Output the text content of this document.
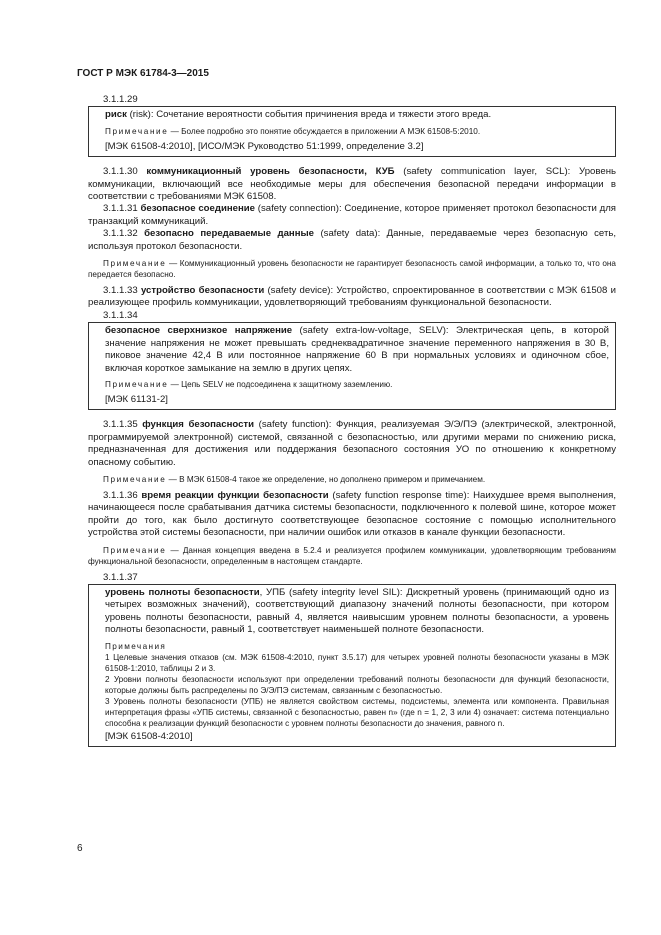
ГОСТ Р МЭК 61784-3—2015
3.1.1.29

риск (risk): Сочетание вероятности события причинения вреда и тяжести этого вреда.

Примечание — Более подробно это понятие обсуждается в приложении А МЭК 61508-5:2010.

[МЭК 61508-4:2010], [ИСО/МЭК Руководство 51:1999, определение 3.2]

3.1.1.30 коммуникационный уровень безопасности, КУБ (safety communication layer, SCL): Уровень коммуникации, включающий все необходимые меры для обеспечения безопасной передачи информации в соответствии с требованиями МЭК 61508.

3.1.1.31 безопасное соединение (safety connection): Соединение, которое применяет протокол безопасности для транзакций коммуникаций.

3.1.1.32 безопасно передаваемые данные (safety data): Данные, передаваемые через безопасную сеть, используя протокол безопасности.

Примечание — Коммуникационный уровень безопасности не гарантирует безопасность самой информации, а только то, что она передается безопасно.

3.1.1.33 устройство безопасности (safety device): Устройство, спроектированное в соответствии с МЭК 61508 и реализующее профиль коммуникации, удовлетворяющий требованиям функциональной безопасности.

3.1.1.34

безопасное сверхнизкое напряжение (safety extra-low-voltage, SELV): Электрическая цепь, в которой значение напряжения не может превышать среднеквадратичное значение переменного напряжения в 30 В, пиковое значение 42,4 В или постоянное напряжение 60 В при нормальных условиях и одиночном сбое, включая короткое замыкание на землю в других цепях.

Примечание — Цепь SELV не подсоединена к защитному заземлению.

[МЭК 61131-2]

3.1.1.35 функция безопасности (safety function): Функция, реализуемая Э/Э/ПЭ (электрической, электронной, программируемой электронной) системой, связанной с безопасностью, или другими мерами по снижению риска, предназначенная для достижения или поддержания безопасного состояния УО по отношению к конкретному опасному событию.

Примечание — В МЭК 61508-4 такое же определение, но дополнено примером и примечанием.

3.1.1.36 время реакции функции безопасности (safety function response time): Наихудшее время выполнения, начинающееся после срабатывания датчика системы безопасности, подключенного к полевой шине, которое может пройти до того, как было достигнуто соответствующее безопасное состояние с помощью исполнительного устройства этой системы безопасности, при наличии ошибок или отказов в канале функции безопасности.

Примечание — Данная концепция введена в 5.2.4 и реализуется профилем коммуникации, удовлетворяющим требованиям функциональной безопасности, определенным в настоящем стандарте.

3.1.1.37

уровень полноты безопасности, УПБ (safety integrity level SIL): Дискретный уровень (принимающий одно из четырех возможных значений), соответствующий диапазону значений полноты безопасности, при котором уровень полноты безопасности, равный 4, является наивысшим уровнем полноты безопасности, а уровень полноты безопасности, равный 1, соответствует наименьшей полноте безопасности.

Примечания

1 Целевые значения отказов (см. МЭК 61508-4:2010, пункт 3.5.17) для четырех уровней полноты безопасности указаны в МЭК 61508-1:2010, таблицы 2 и 3.

2 Уровни полноты безопасности используют при определении требований полноты безопасности для функций безопасности, которые должны быть распределены по Э/Э/ПЭ системам, связанным с безопасностью.

3 Уровень полноты безопасности (УПБ) не является свойством системы, подсистемы, элемента или компонента. Правильная интерпретация фразы «УПБ системы, связанной с безопасностью, равен n» (где n = 1, 2, 3 или 4) означает: система потенциально способна к реализации функций безопасности с уровнем полноты безопасности до значения, равного n.

[МЭК 61508-4:2010]

6
